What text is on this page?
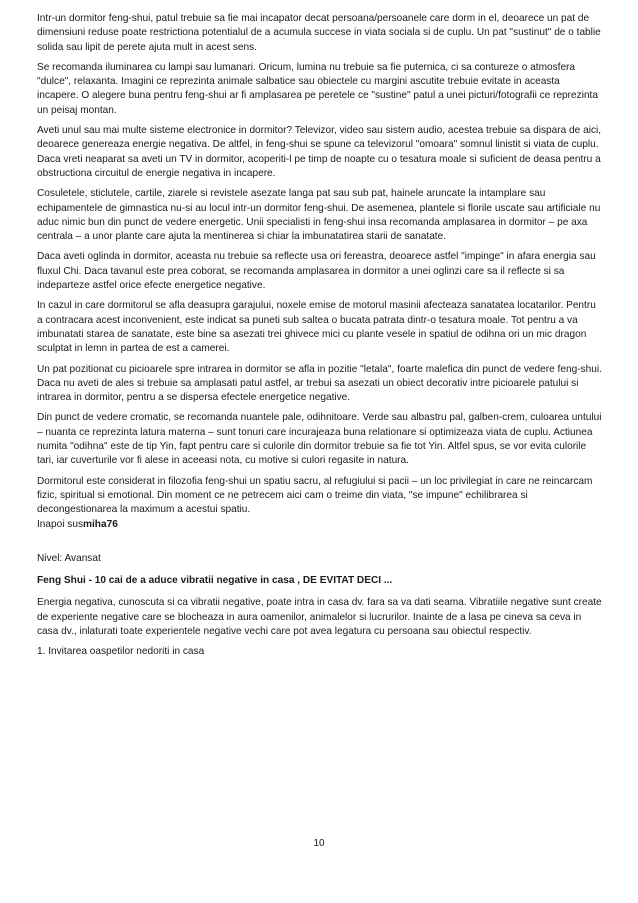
Intr-un dormitor feng-shui, patul trebuie sa fie mai incapator decat persoana/persoanele care dorm in el, deoarece un pat de dimensiuni reduse poate restrictiona potentialul de a acumula succese in viata sociala si de cuplu. Un pat "sustinut" de o tablie solida sau lipit de perete ajuta mult in acest sens.

Se recomanda iluminarea cu lampi sau lumanari. Oricum, lumina nu trebuie sa fie puternica, ci sa contureze o atmosfera "dulce", relaxanta. Imagini ce reprezinta animale salbatice sau obiectele cu margini ascutite trebuie evitate in aceasta incapere. O alegere buna pentru feng-shui ar fi amplasarea pe peretele ce "sustine" patul a unei picturi/fotografii ce reprezinta un peisaj montan.

Aveti unul sau mai multe sisteme electronice in dormitor? Televizor, video sau sistem audio, acestea trebuie sa dispara de aici, deoarece genereaza energie negativa. De altfel, in feng-shui se spune ca televizorul "omoara" somnul linistit si viata de cuplu. Daca vreti neaparat sa aveti un TV in dormitor, acoperiti-l pe timp de noapte cu o tesatura moale si suficient de deasa pentru a obstructiona circuitul de energie negativa in incapere.

Cosuletele, sticlutele, cartile, ziarele si revistele asezate langa pat sau sub pat, hainele aruncate la intamplare sau echipamentele de gimnastica nu-si au locul intr-un dormitor feng-shui. De asemenea, plantele si florile uscate sau artificiale nu aduc nimic bun din punct de vedere energetic. Unii specialisti in feng-shui insa recomanda amplasarea in dormitor – pe axa centrala – a unor plante care ajuta la mentinerea si chiar la imbunatatirea starii de sanatate.

Daca aveti oglinda in dormitor, aceasta nu trebuie sa reflecte usa ori fereastra, deoarece astfel "impinge" in afara energia sau fluxul Chi. Daca tavanul este prea coborat, se recomanda amplasarea in dormitor a unei oglinzi care sa il reflecte si sa indeparteze astfel orice efecte energetice negative.

In cazul in care dormitorul se afla deasupra garajului, noxele emise de motorul masinii afecteaza sanatatea locatarilor. Pentru a contracara acest inconvenient, este indicat sa puneti sub saltea o bucata patrata dintr-o tesatura moale. Tot pentru a va imbunatati starea de sanatate, este bine sa asezati trei ghivece mici cu plante vesele in spatiul de odihna ori un mic dragon sculptat in lemn in partea de est a camerei.

Un pat pozitionat cu picioarele spre intrarea in dormitor se afla in pozitie "letala", foarte malefica din punct de vedere feng-shui. Daca nu aveti de ales si trebuie sa amplasati patul astfel, ar trebui sa asezati un obiect decorativ intre picioarele patului si intrarea in dormitor, pentru a se dispersa efectele energetice negative.

Din punct de vedere cromatic, se recomanda nuantele pale, odihnitoare. Verde sau albastru pal, galben-crem, culoarea untului – nuanta ce reprezinta latura materna – sunt tonuri care incurajeaza buna relationare si optimizeaza viata de cuplu. Actiunea numita "odihna" este de tip Yin, fapt pentru care si culorile din dormitor trebuie sa fie tot Yin. Altfel spus, se vor evita culorile tari, iar cuverturile vor fi alese in aceeasi nota, cu motive si culori regasite in natura.

Dormitorul este considerat in filozofia feng-shui un spatiu sacru, al refugiului si pacii – un loc privilegiat in care ne reincarcam fizic, spiritual si emotional. Din moment ce ne petrecem aici cam o treime din viata, "se impune" echilibrarea si decongestionarea la maximum a acestui spatiu.
Inapoi susmiha76

Nivel: Avansat

Feng Shui - 10 cai de a aduce vibratii negative in casa , DE EVITAT DECI ...

Energia negativa, cunoscuta si ca vibratii negative, poate intra in casa dv. fara sa va dati seama. Vibratiile negative sunt create de experiente negative care se blocheaza in aura oamenilor, animalelor si lucrurilor. Inainte de a lasa pe cineva sa ceva in casa dv., inlaturati toate experientele negative vechi care pot avea legatura cu persoana sau obiectul respectiv.

1. Invitarea oaspetilor nedoriti in casa

10
